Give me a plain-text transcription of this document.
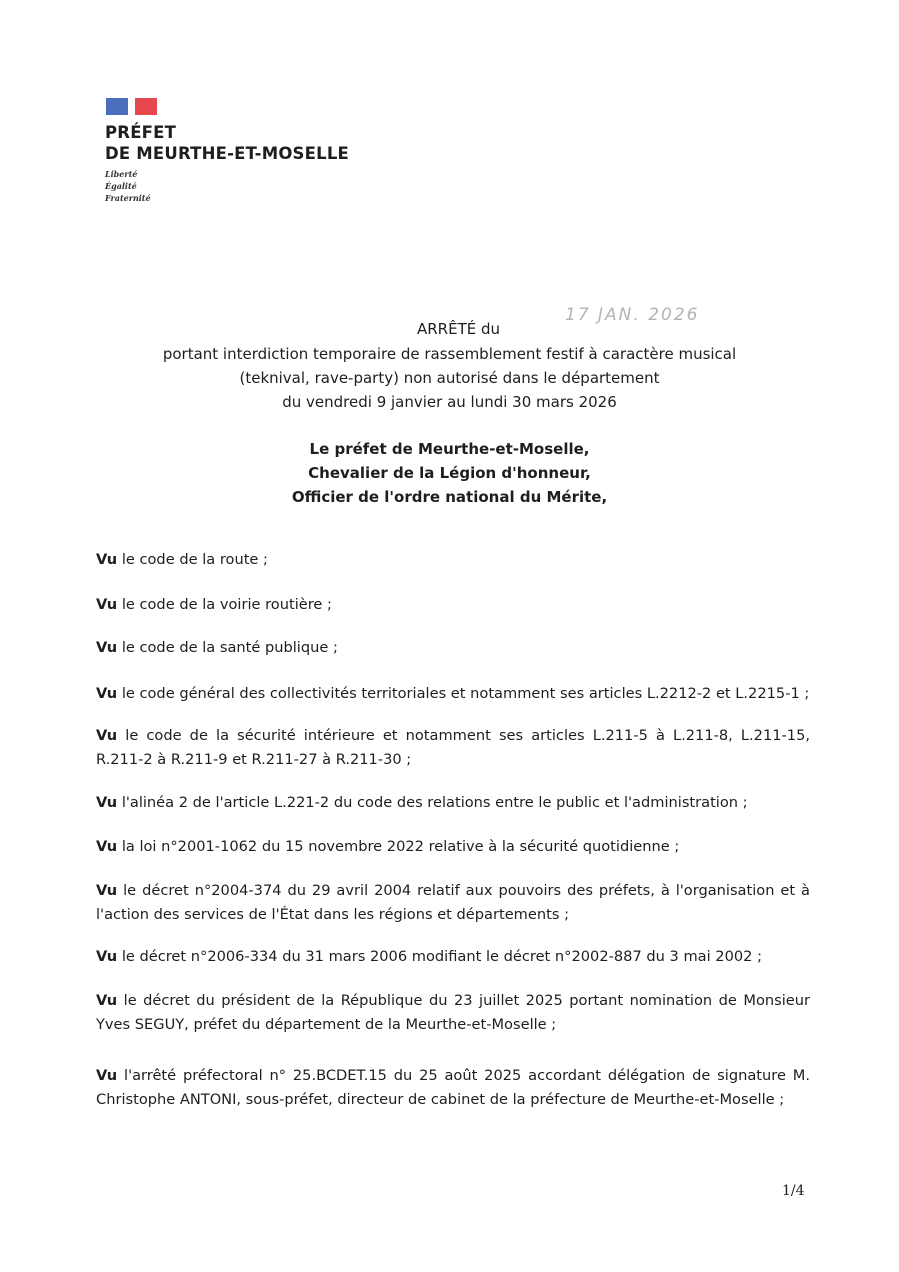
PRÉFET
DE MEURTHE-ET-MOSELLE
Liberté
Égalité
Fraternité
ARRÊTÉ du
17 JAN. 2026
portant interdiction temporaire de rassemblement festif à caractère musical
(teknival, rave-party) non autorisé dans le département
du vendredi 9 janvier au lundi 30 mars 2026
Le préfet de Meurthe-et-Moselle,
Chevalier de la Légion d'honneur,
Officier de l'ordre national du Mérite,
Vu le code de la route ;
Vu le code de la voirie routière ;
Vu le code de la santé publique ;
Vu le code général des collectivités territoriales et notamment ses articles L.2212-2 et L.2215-1 ;
Vu le code de la sécurité intérieure et notamment ses articles L.211-5 à L.211-8, L.211-15, R.211-2 à R.211-9 et R.211-27 à R.211-30 ;
Vu l'alinéa 2 de l'article L.221-2 du code des relations entre le public et l'administration ;
Vu la loi n°2001-1062 du 15 novembre 2022 relative à la sécurité quotidienne ;
Vu le décret n°2004-374 du 29 avril 2004 relatif aux pouvoirs des préfets, à l'organisation et à l'action des services de l'État dans les régions et départements ;
Vu le décret n°2006-334 du 31 mars 2006 modifiant le décret n°2002-887 du 3 mai 2002 ;
Vu le décret du président de la République du 23 juillet 2025 portant nomination de Monsieur Yves SEGUY, préfet du département de la Meurthe-et-Moselle ;
Vu l'arrêté préfectoral n° 25.BCDET.15 du 25 août 2025 accordant délégation de signature M. Christophe ANTONI, sous-préfet, directeur de cabinet de la préfecture de Meurthe-et-Moselle ;
1/4
